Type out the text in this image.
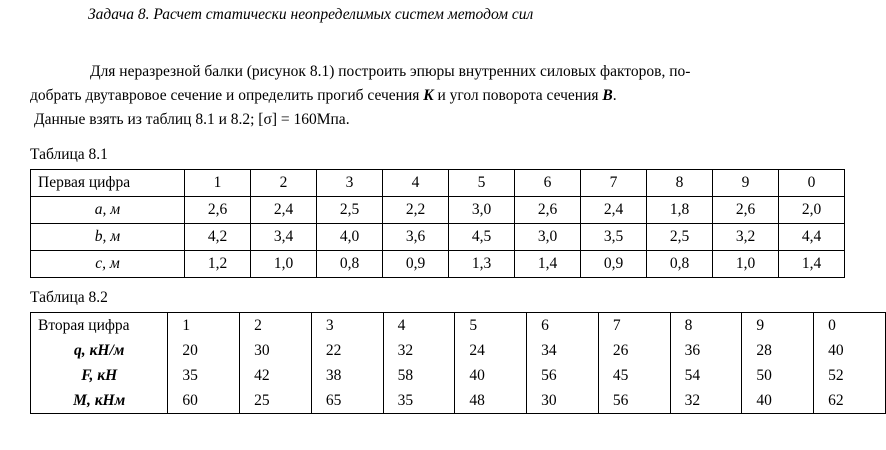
Задача 8. Расчет статически неопределимых систем методом сил
Для неразрезной балки (рисунок 8.1) построить эпюры внутренних силовых факторов, по-
добрать двутавровое сечение и определить прогиб сечения K и угол поворота сечения B.
Данные взять из таблиц 8.1 и 8.2; [σ] = 160Мпа.
Таблица 8.1
Первая цифра	1	2	3	4	5	6	7	8	9	0
a, м	2,6	2,4	2,5	2,2	3,0	2,6	2,4	1,8	2,6	2,0
b, м	4,2	3,4	4,0	3,6	4,5	3,0	3,5	2,5	3,2	4,4
c, м	1,2	1,0	0,8	0,9	1,3	1,4	0,9	0,8	1,0	1,4
Таблица 8.2
Вторая цифра	1	2	3	4	5	6	7	8	9	0
q, кН/м	20	30	22	32	24	34	26	36	28	40
F, кН	35	42	38	58	40	56	45	54	50	52
M, кНм	60	25	65	35	48	30	56	32	40	62
